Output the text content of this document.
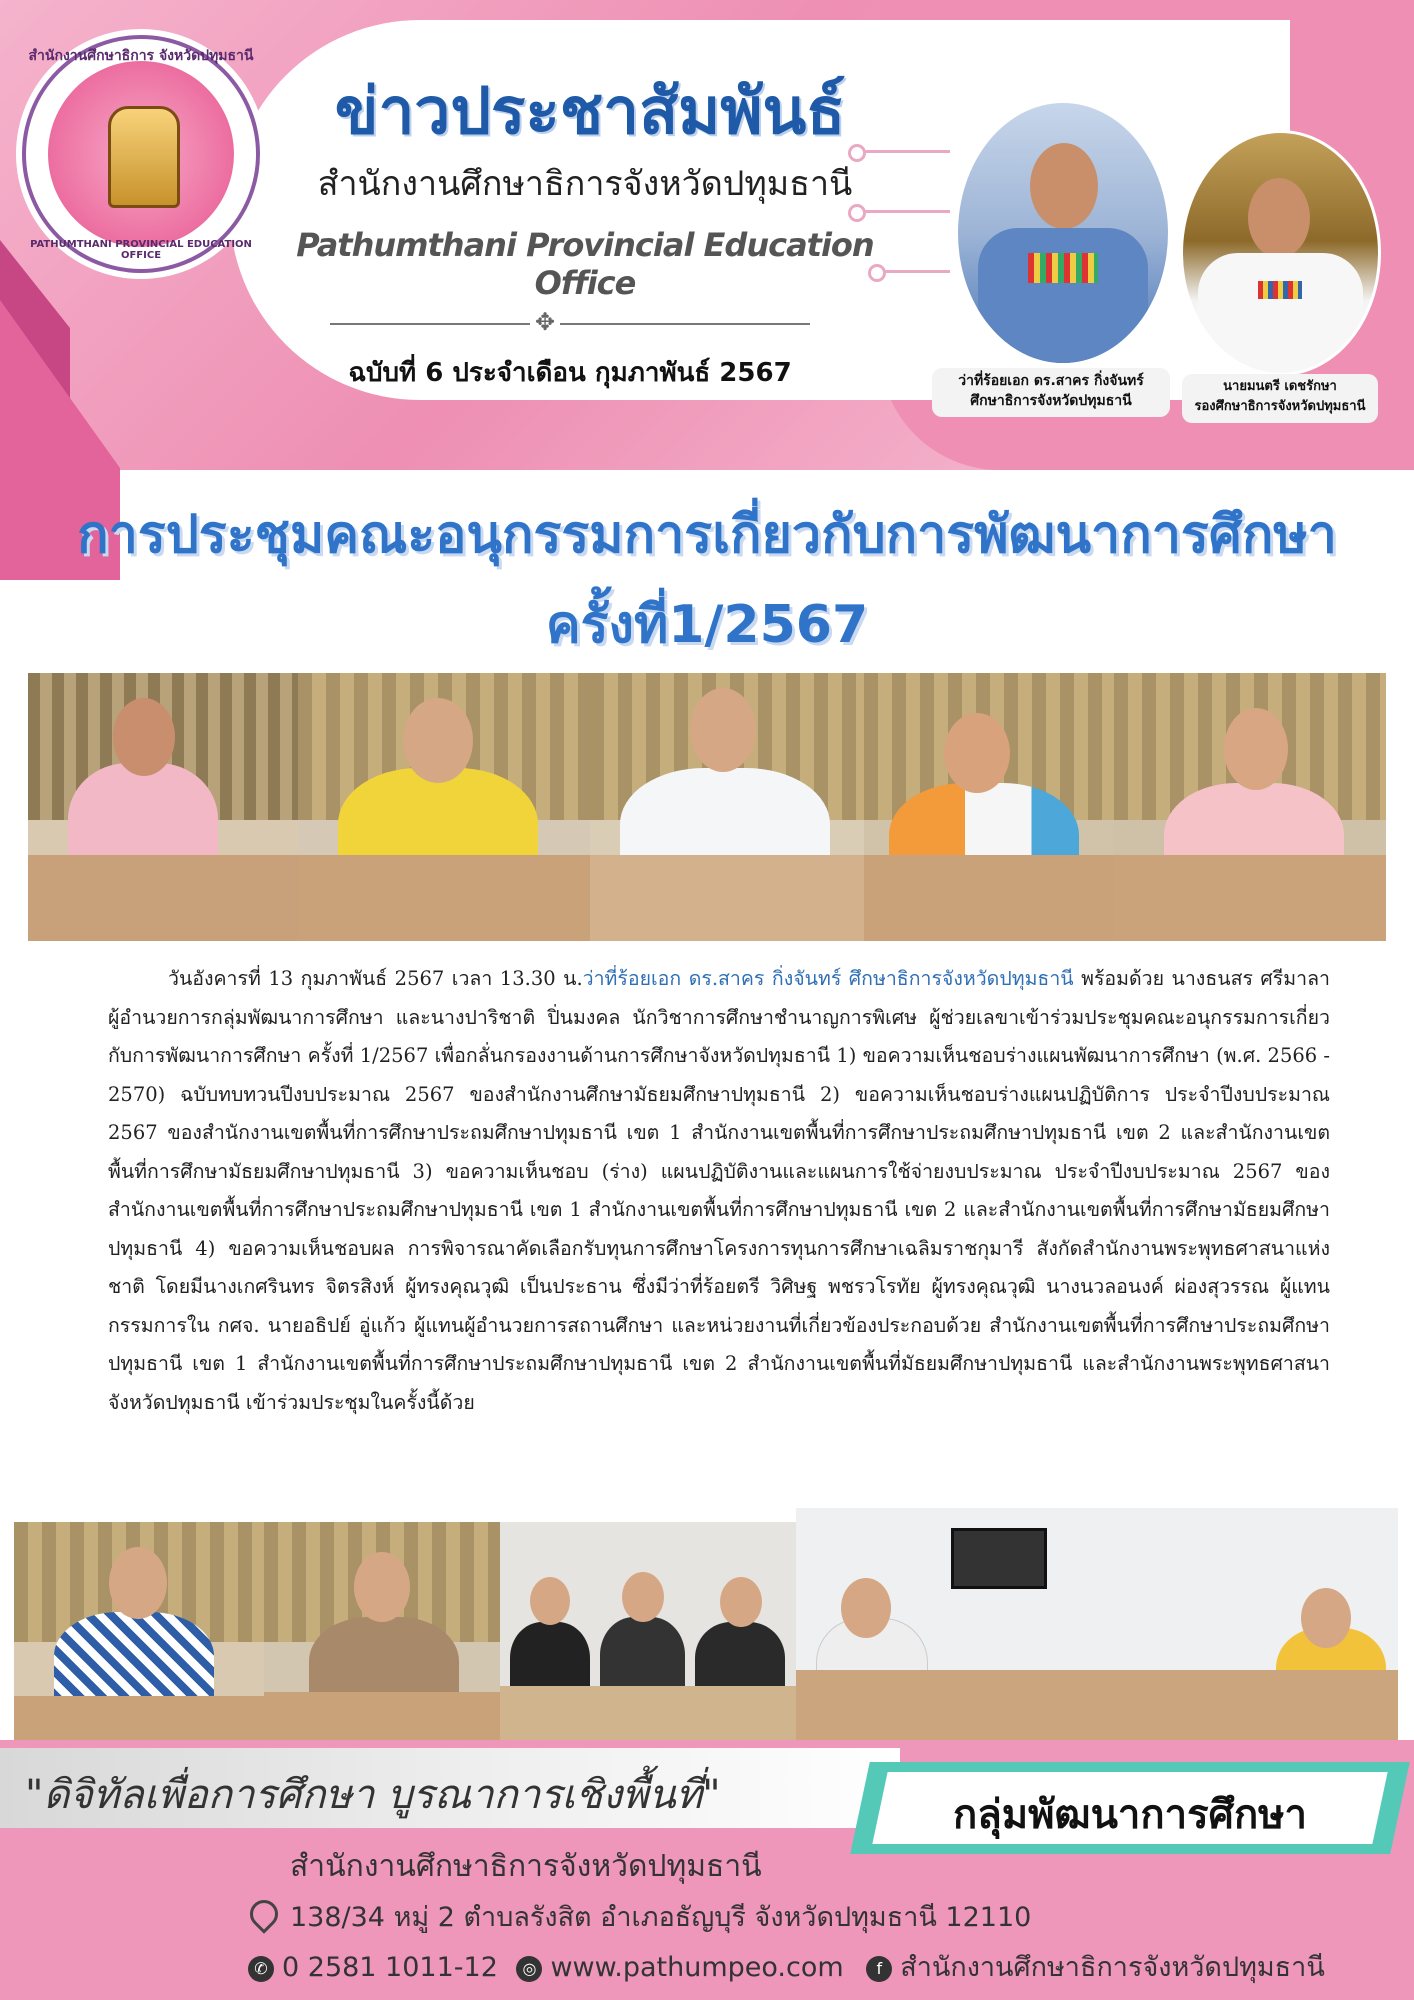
สำนักงานศึกษาธิการ จังหวัดปทุมธานี
PATHUMTHANI PROVINCIAL EDUCATION OFFICE
ข่าวประชาสัมพันธ์
สำนักงานศึกษาธิการจังหวัดปทุมธานี
Pathumthani Provincial Education Office
✥
ฉบับที่ 6 ประจำเดือน กุมภาพันธ์ 2567	ว่าที่ร้อยเอก ดร.สาคร กิ่งจันทร์
ศึกษาธิการจังหวัดปทุมธานี
นายมนตรี เดชรักษา
รองศึกษาธิการจังหวัดปทุมธานี
การประชุมคณะอนุกรรมการเกี่ยวกับการพัฒนาการศึกษา
ครั้งที่1/2567
วันอังคารที่ 13 กุมภาพันธ์ 2567 เวลา 13.30 น.ว่าที่ร้อยเอก ดร.สาคร กิ่งจันทร์ ศึกษาธิการจังหวัดปทุมธานี พร้อมด้วย นางธนสร ศรีมาลา ผู้อำนวยการกลุ่มพัฒนาการศึกษา และนางปาริชาติ ปิ่นมงคล นักวิชาการศึกษาชำนาญการพิเศษ ผู้ช่วยเลขาเข้าร่วมประชุมคณะอนุกรรมการเกี่ยวกับการพัฒนาการศึกษา ครั้งที่ 1/2567 เพื่อกลั่นกรองงานด้านการศึกษาจังหวัดปทุมธานี 1) ขอความเห็นชอบร่างแผนพัฒนาการศึกษา (พ.ศ. 2566 - 2570) ฉบับทบทวนปีงบประมาณ 2567 ของสำนักงานศึกษามัธยมศึกษาปทุมธานี 2) ขอความเห็นชอบร่างแผนปฏิบัติการ ประจำปีงบประมาณ 2567 ของสำนักงานเขตพื้นที่การศึกษาประถมศึกษาปทุมธานี เขต 1 สำนักงานเขตพื้นที่การศึกษาประถมศึกษาปทุมธานี เขต 2 และสำนักงานเขตพื้นที่การศึกษามัธยมศึกษาปทุมธานี 3) ขอความเห็นชอบ (ร่าง) แผนปฏิบัติงานและแผนการใช้จ่ายงบประมาณ ประจำปีงบประมาณ 2567 ของสำนักงานเขตพื้นที่การศึกษาประถมศึกษาปทุมธานี เขต 1 สำนักงานเขตพื้นที่การศึกษาปทุมธานี เขต 2 และสำนักงานเขตพื้นที่การศึกษามัธยมศึกษาปทุมธานี 4) ขอความเห็นชอบผล การพิจารณาคัดเลือกรับทุนการศึกษาโครงการทุนการศึกษาเฉลิมราชกุมารี สังกัดสำนักงานพระพุทธศาสนาแห่งชาติ โดยมีนางเกศรินทร จิตรสิงห์ ผู้ทรงคุณวุฒิ เป็นประธาน ซึ่งมีว่าที่ร้อยตรี วิศิษฐ พชรวโรทัย ผู้ทรงคุณวุฒิ นางนวลอนงค์ ผ่องสุวรรณ ผู้แทนกรรมการใน กศจ. นายอธิปย์ อู่แก้ว ผู้แทนผู้อำนวยการสถานศึกษา และหน่วยงานที่เกี่ยวข้องประกอบด้วย สำนักงานเขตพื้นที่การศึกษาประถมศึกษาปทุมธานี เขต 1 สำนักงานเขตพื้นที่การศึกษาประถมศึกษาปทุมธานี เขต 2 สำนักงานเขตพื้นที่มัธยมศึกษาปทุมธานี และสำนักงานพระพุทธศาสนาจังหวัดปทุมธานี เข้าร่วมประชุมในครั้งนี้ด้วย
"ดิจิทัลเพื่อการศึกษา บูรณาการเชิงพื้นที่"	กลุ่มพัฒนาการศึกษา
สำนักงานศึกษาธิการจังหวัดปทุมธานี
138/34 หมู่ 2 ตำบลรังสิต อำเภอธัญบุรี จังหวัดปทุมธานี 12110
✆ 0 2581 1011-12 ◎ www.pathumpeo.com f สำนักงานศึกษาธิการจังหวัดปทุมธานี
